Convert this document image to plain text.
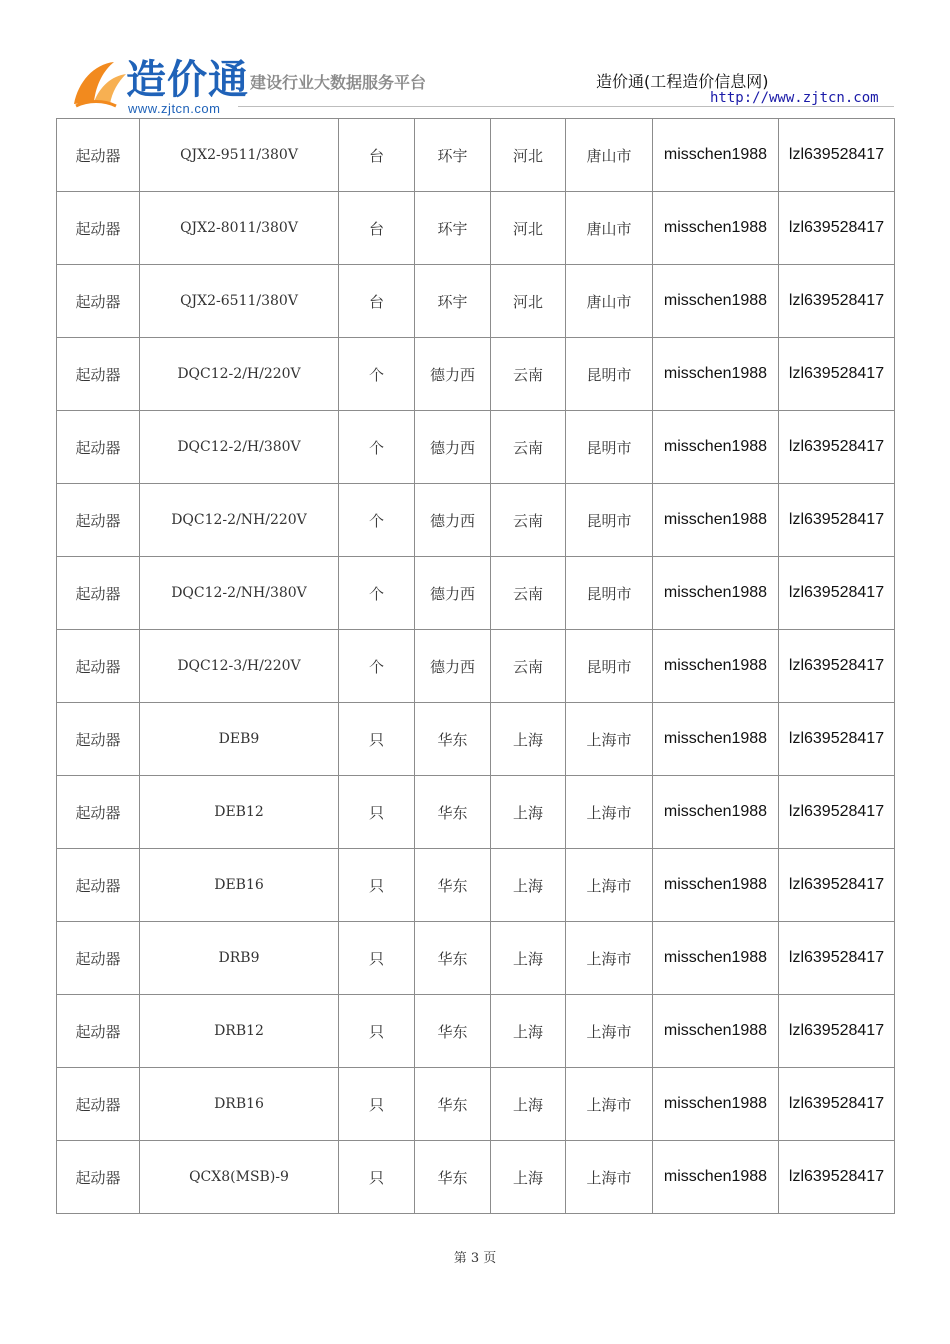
造价通
www.zjtcn.com
建设行业大数据服务平台	造价通(工程造价信息网)
http://www.zjtcn.com
起动器	QJX2-9511/380V	台	环宇	河北	唐山市	misschen1988	lzl639528417
起动器	QJX2-8011/380V	台	环宇	河北	唐山市	misschen1988	lzl639528417
起动器	QJX2-6511/380V	台	环宇	河北	唐山市	misschen1988	lzl639528417
起动器	DQC12-2/H/220V	个	德力西	云南	昆明市	misschen1988	lzl639528417
起动器	DQC12-2/H/380V	个	德力西	云南	昆明市	misschen1988	lzl639528417
起动器	DQC12-2/NH/220V	个	德力西	云南	昆明市	misschen1988	lzl639528417
起动器	DQC12-2/NH/380V	个	德力西	云南	昆明市	misschen1988	lzl639528417
起动器	DQC12-3/H/220V	个	德力西	云南	昆明市	misschen1988	lzl639528417
起动器	DEB9	只	华东	上海	上海市	misschen1988	lzl639528417
起动器	DEB12	只	华东	上海	上海市	misschen1988	lzl639528417
起动器	DEB16	只	华东	上海	上海市	misschen1988	lzl639528417
起动器	DRB9	只	华东	上海	上海市	misschen1988	lzl639528417
起动器	DRB12	只	华东	上海	上海市	misschen1988	lzl639528417
起动器	DRB16	只	华东	上海	上海市	misschen1988	lzl639528417
起动器	QCX8(MSB)-9	只	华东	上海	上海市	misschen1988	lzl639528417
第 3 页
